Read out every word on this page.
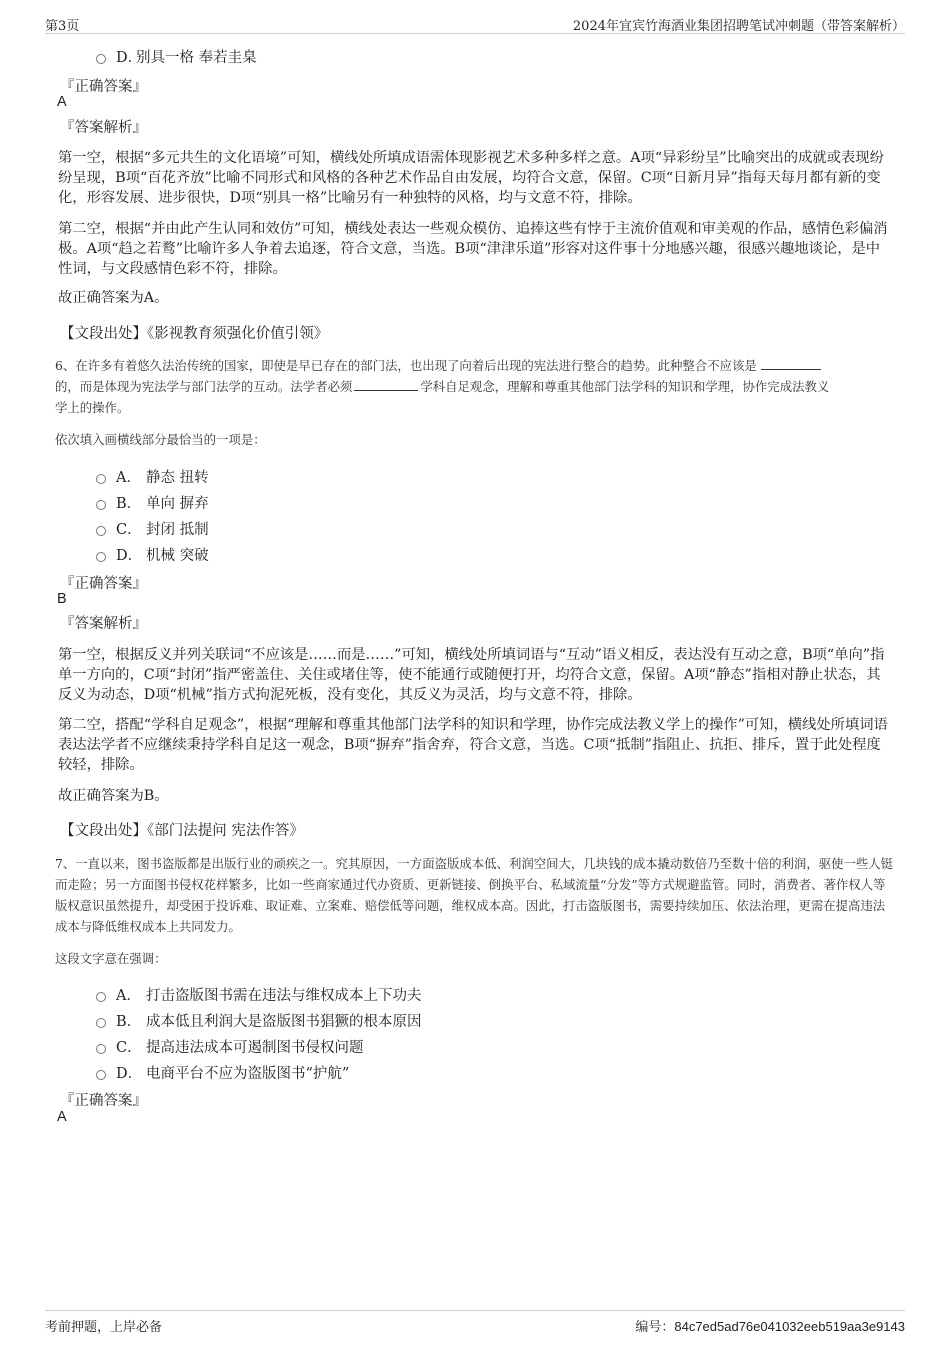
第3页	2024年宜宾竹海酒业集团招聘笔试冲刺题（带答案解析）
D．
别具一格 奉若圭臬
『正确答案』
A
『答案解析』
第一空，根据“多元共生的文化语境”可知，横线处所填成语需体现影视艺术多种多样之意。A项“异彩纷呈”比喻突出的成就或表现纷纷呈现，B项“百花齐放”比喻不同形式和风格的各种艺术作品自由发展，均符合文意，保留。C项“日新月异”指每天每月都有新的变化，形容发展、进步很快，D项“别具一格”比喻另有一种独特的风格，均与文意不符，排除。
第二空，根据“并由此产生认同和效仿”可知，横线处表达一些观众模仿、追捧这些有悖于主流价值观和审美观的作品，感情色彩偏消极。A项“趋之若鹜”比喻许多人争着去追逐，符合文意，当选。B项“津津乐道”形容对这件事十分地感兴趣，很感兴趣地谈论，是中性词，与文段感情色彩不符，排除。
故正确答案为A。
【文段出处】《影视教育须强化价值引领》
6、在许多有着悠久法治传统的国家，即使是早已存在的部门法，也出现了向着后出现的宪法进行整合的趋势。此种整合不应该是
的，而是体现为宪法学与部门法学的互动。法学者必须	学科自足观念，理解和尊重其他部门法学科的知识和学理，协作完成法教义
学上的操作。
依次填入画横线部分最恰当的一项是：
A． 静态 扭转
B． 单向 摒弃
C． 封闭 抵制
D． 机械 突破
『正确答案』
B
『答案解析』
第一空，根据反义并列关联词“不应该是……而是……”可知，横线处所填词语与“互动”语义相反，表达没有互动之意，B项“单向”指单一方向的，C项“封闭”指严密盖住、关住或堵住等，使不能通行或随便打开，均符合文意，保留。A项“静态”指相对静止状态，其反义为动态，D项“机械”指方式拘泥死板，没有变化，其反义为灵活，均与文意不符，排除。
第二空，搭配“学科自足观念”，根据“理解和尊重其他部门法学科的知识和学理，协作完成法教义学上的操作”可知，横线处所填词语表达法学者不应继续秉持学科自足这一观念，B项“摒弃”指舍弃，符合文意，当选。C项“抵制”指阻止、抗拒、排斥，置于此处程度较轻，排除。
故正确答案为B。
【文段出处】《部门法提问 宪法作答》
7、一直以来，图书盗版都是出版行业的顽疾之一。究其原因，一方面盗版成本低、利润空间大，几块钱的成本撬动数倍乃至数十倍的利润，驱使一些人铤而走险；另一方面图书侵权花样繁多，比如一些商家通过代办资质、更新链接、倒换平台、私域流量“分发”等方式规避监管。同时，消费者、著作权人等版权意识虽然提升，却受困于投诉难、取证难、立案难、赔偿低等问题，维权成本高。因此，打击盗版图书，需要持续加压、依法治理，更需在提高违法成本与降低维权成本上共同发力。
这段文字意在强调：
A． 打击盗版图书需在违法与维权成本上下功夫
B． 成本低且利润大是盗版图书猖獗的根本原因
C． 提高违法成本可遏制图书侵权问题
D． 电商平台不应为盗版图书“护航”
『正确答案』
A
考前押题，上岸必备	编号：84c7ed5ad76e041032eeb519aa3e9143
